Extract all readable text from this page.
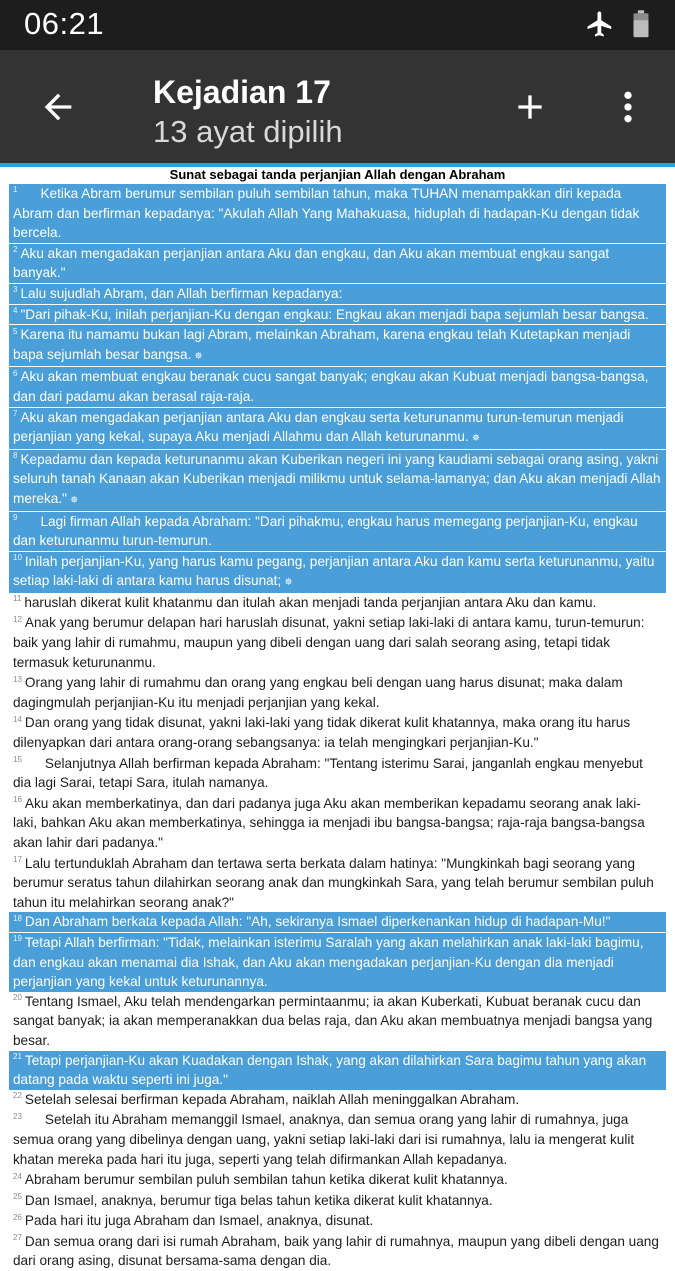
06:21
Kejadian 17
13 ayat dipilih
Sunat sebagai tanda perjanjian Allah dengan Abraham
$^1$ Ketika Abram berumur sembilan puluh sembilan tahun, maka TUHAN menampakkan diri kepada Abram dan berfirman kepadanya: "Akulah Allah Yang Mahakuasa, hiduplah di hadapan-Ku dengan tidak bercela.
$^2$ Aku akan mengadakan perjanjian antara Aku dan engkau, dan Aku akan membuat engkau sangat banyak."
$^3$ Lalu sujudlah Abram, dan Allah berfirman kepadanya:
$^4$ "Dari pihak-Ku, inilah perjanjian-Ku dengan engkau: Engkau akan menjadi bapa sejumlah besar bangsa.
$^5$ Karena itu namamu bukan lagi Abram, melainkan Abraham, karena engkau telah Kutetapkan menjadi bapa sejumlah besar bangsa. ✵
$^6$ Aku akan membuat engkau beranak cucu sangat banyak; engkau akan Kubuat menjadi bangsa-bangsa, dan dari padamu akan berasal raja-raja.
$^7$ Aku akan mengadakan perjanjian antara Aku dan engkau serta keturunanmu turun-temurun menjadi perjanjian yang kekal, supaya Aku menjadi Allahmu dan Allah keturunanmu. ✵
$^8$ Kepadamu dan kepada keturunanmu akan Kuberikan negeri ini yang kaudiami sebagai orang asing, yakni seluruh tanah Kanaan akan Kuberikan menjadi milikmu untuk selama-lamanya; dan Aku akan menjadi Allah mereka." ✵
$^9$ Lagi firman Allah kepada Abraham: "Dari pihakmu, engkau harus memegang perjanjian-Ku, engkau dan keturunanmu turun-temurun.
$^{10}$ Inilah perjanjian-Ku, yang harus kamu pegang, perjanjian antara Aku dan kamu serta keturunanmu, yaitu setiap laki-laki di antara kamu harus disunat; ✵
$^{11}$ haruslah dikerat kulit khatanmu dan itulah akan menjadi tanda perjanjian antara Aku dan kamu.
$^{12}$ Anak yang berumur delapan hari haruslah disunat, yakni setiap laki-laki di antara kamu, turun-temurun: baik yang lahir di rumahmu, maupun yang dibeli dengan uang dari salah seorang asing, tetapi tidak termasuk keturunanmu.
$^{13}$ Orang yang lahir di rumahmu dan orang yang engkau beli dengan uang harus disunat; maka dalam dagingmulah perjanjian-Ku itu menjadi perjanjian yang kekal.
$^{14}$ Dan orang yang tidak disunat, yakni laki-laki yang tidak dikerat kulit khatannya, maka orang itu harus dilenyapkan dari antara orang-orang sebangsanya: ia telah mengingkari perjanjian-Ku."
$^{15}$ Selanjutnya Allah berfirman kepada Abraham: "Tentang isterimu Sarai, janganlah engkau menyebut dia lagi Sarai, tetapi Sara, itulah namanya.
$^{16}$ Aku akan memberkatinya, dan dari padanya juga Aku akan memberikan kepadamu seorang anak laki-laki, bahkan Aku akan memberkatinya, sehingga ia menjadi ibu bangsa-bangsa; raja-raja bangsa-bangsa akan lahir dari padanya."
$^{17}$ Lalu tertunduklah Abraham dan tertawa serta berkata dalam hatinya: "Mungkinkah bagi seorang yang berumur seratus tahun dilahirkan seorang anak dan mungkinkah Sara, yang telah berumur sembilan puluh tahun itu melahirkan seorang anak?"
$^{18}$ Dan Abraham berkata kepada Allah: "Ah, sekiranya Ismael diperkenankan hidup di hadapan-Mu!"
$^{19}$ Tetapi Allah berfirman: "Tidak, melainkan isterimu Saralah yang akan melahirkan anak laki-laki bagimu, dan engkau akan menamai dia Ishak, dan Aku akan mengadakan perjanjian-Ku dengan dia menjadi perjanjian yang kekal untuk keturunannya.
$^{20}$ Tentang Ismael, Aku telah mendengarkan permintaanmu; ia akan Kuberkati, Kubuat beranak cucu dan sangat banyak; ia akan memperanakkan dua belas raja, dan Aku akan membuatnya menjadi bangsa yang besar.
$^{21}$ Tetapi perjanjian-Ku akan Kuadakan dengan Ishak, yang akan dilahirkan Sara bagimu tahun yang akan datang pada waktu seperti ini juga."
$^{22}$ Setelah selesai berfirman kepada Abraham, naiklah Allah meninggalkan Abraham.
$^{23}$ Setelah itu Abraham memanggil Ismael, anaknya, dan semua orang yang lahir di rumahnya, juga semua orang yang dibelinya dengan uang, yakni setiap laki-laki dari isi rumahnya, lalu ia mengerat kulit khatan mereka pada hari itu juga, seperti yang telah difirmankan Allah kepadanya.
$^{24}$ Abraham berumur sembilan puluh sembilan tahun ketika dikerat kulit khatannya.
$^{25}$ Dan Ismael, anaknya, berumur tiga belas tahun ketika dikerat kulit khatannya.
$^{26}$ Pada hari itu juga Abraham dan Ismael, anaknya, disunat.
$^{27}$ Dan semua orang dari isi rumah Abraham, baik yang lahir di rumahnya, maupun yang dibeli dengan uang dari orang asing, disunat bersama-sama dengan dia.
